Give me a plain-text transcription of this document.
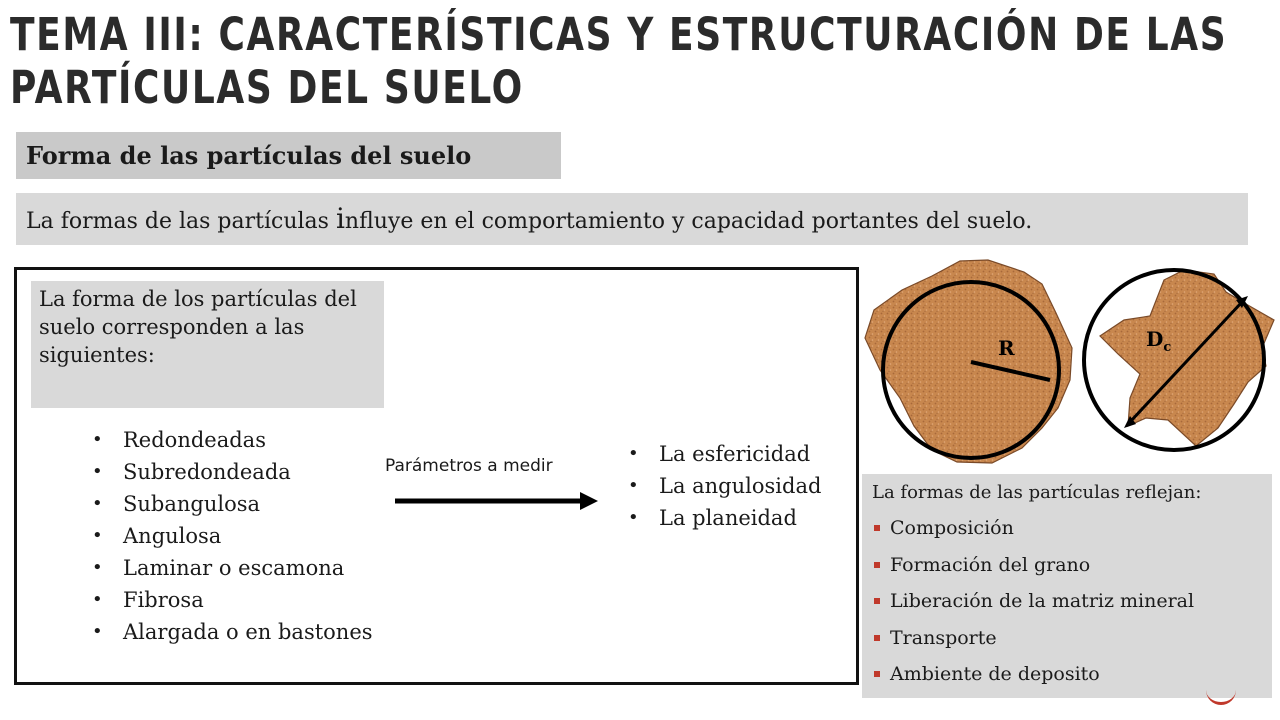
TEMA III: CARACTERÍSTICAS Y ESTRUCTURACIÓN DE LAS PARTÍCULAS DEL SUELO
Forma de las partículas del suelo
La formas de las partículas influye en el comportamiento y capacidad portantes del suelo.
La forma de los partículas del suelo corresponden a las siguientes:
• Redondeadas
• Subredondeada
• Subangulosa
• Angulosa
• Laminar o escamona
• Fibrosa
• Alargada o en bastones
Parámetros a medir
•	La esfericidad
• La angulosidad
• La planeidad
R	$D_c$
La formas de las partículas reflejan:
Composición
Formación del grano
Liberación de la matriz mineral
Transporte
Ambiente de deposito
